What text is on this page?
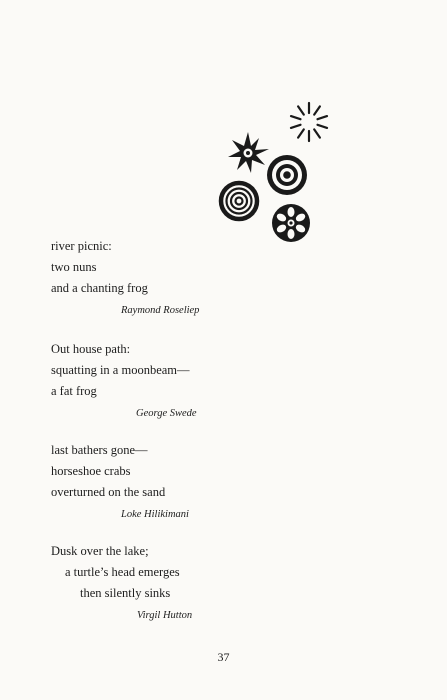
river picnic:
two nuns
and a chanting frog
Raymond Roseliep
Out house path:
squatting in a moonbeam—
a fat frog
George Swede
last bathers gone—
horseshoe crabs
overturned on the sand
Loke Hilikimani
Dusk over the lake;
a turtle’s head emerges
then silently sinks
Virgil Hutton
37
